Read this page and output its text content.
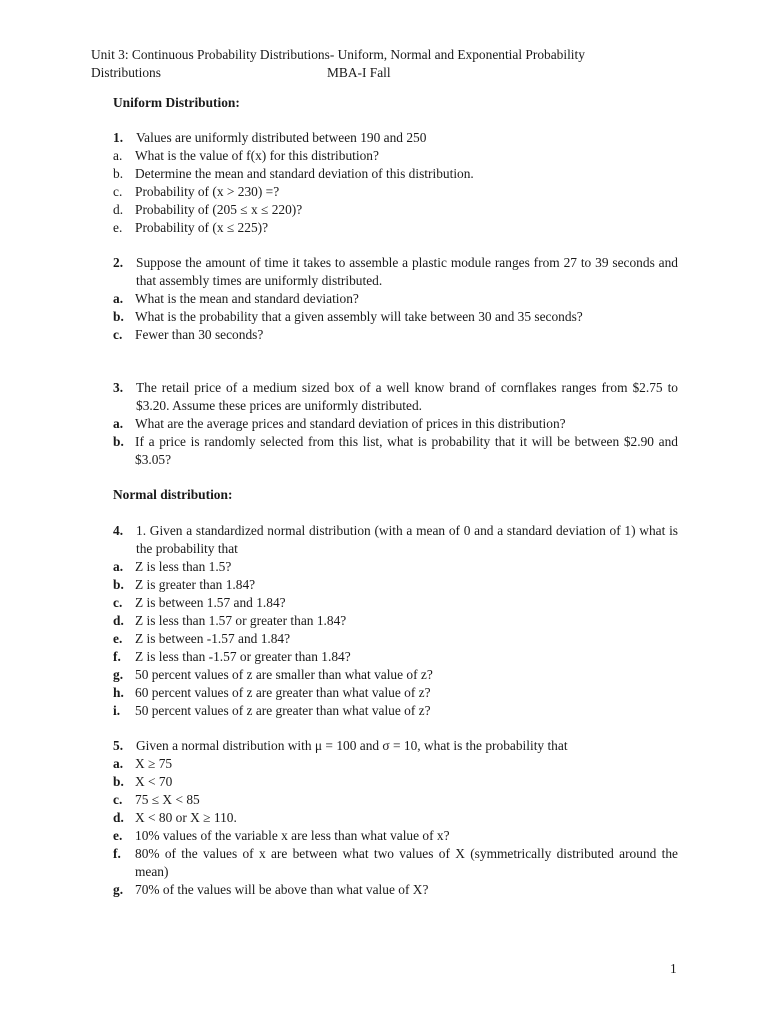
Unit 3: Continuous Probability Distributions- Uniform, Normal and Exponential Probability
Distributions	MBA-I Fall
Uniform Distribution:
1. Values are uniformly distributed between 190 and 250
a. What is the value of f(x) for this distribution?
b. Determine the mean and standard deviation of this distribution.
c. Probability of (x > 230) =?
d. Probability of (205 ≤ x ≤ 220)?
e. Probability of (x ≤ 225)?
2. Suppose the amount of time it takes to assemble a plastic module ranges from 27 to 39 seconds and that assembly times are uniformly distributed.
a. What is the mean and standard deviation?
b. What is the probability that a given assembly will take between 30 and 35 seconds?
c. Fewer than 30 seconds?
3. The retail price of a medium sized box of a well know brand of cornflakes ranges from $2.75 to $3.20. Assume these prices are uniformly distributed.
a. What are the average prices and standard deviation of prices in this distribution?
b. If a price is randomly selected from this list, what is probability that it will be between $2.90 and $3.05?
Normal distribution:
4. 1. Given a standardized normal distribution (with a mean of 0 and a standard deviation of 1) what is the probability that
a. Z is less than 1.5?
b. Z is greater than 1.84?
c. Z is between 1.57 and 1.84?
d. Z is less than 1.57 or greater than 1.84?
e. Z is between -1.57 and 1.84?
f.	Z is less than -1.57 or greater than 1.84?
g. 50 percent values of z are smaller than what value of z?
h. 60 percent values of z are greater than what value of z?
i.	50 percent values of z are greater than what value of z?
5. Given a normal distribution with μ = 100 and σ = 10, what is the probability that
a. X ≥ 75
b. X < 70
c. 75 ≤ X < 85
d. X < 80 or X ≥ 110.
e. 10% values of the variable x are less than what value of x?
f.	80% of the values of x are between what two values of X (symmetrically distributed around the mean)
g. 70% of the values will be above than what value of X?
1
